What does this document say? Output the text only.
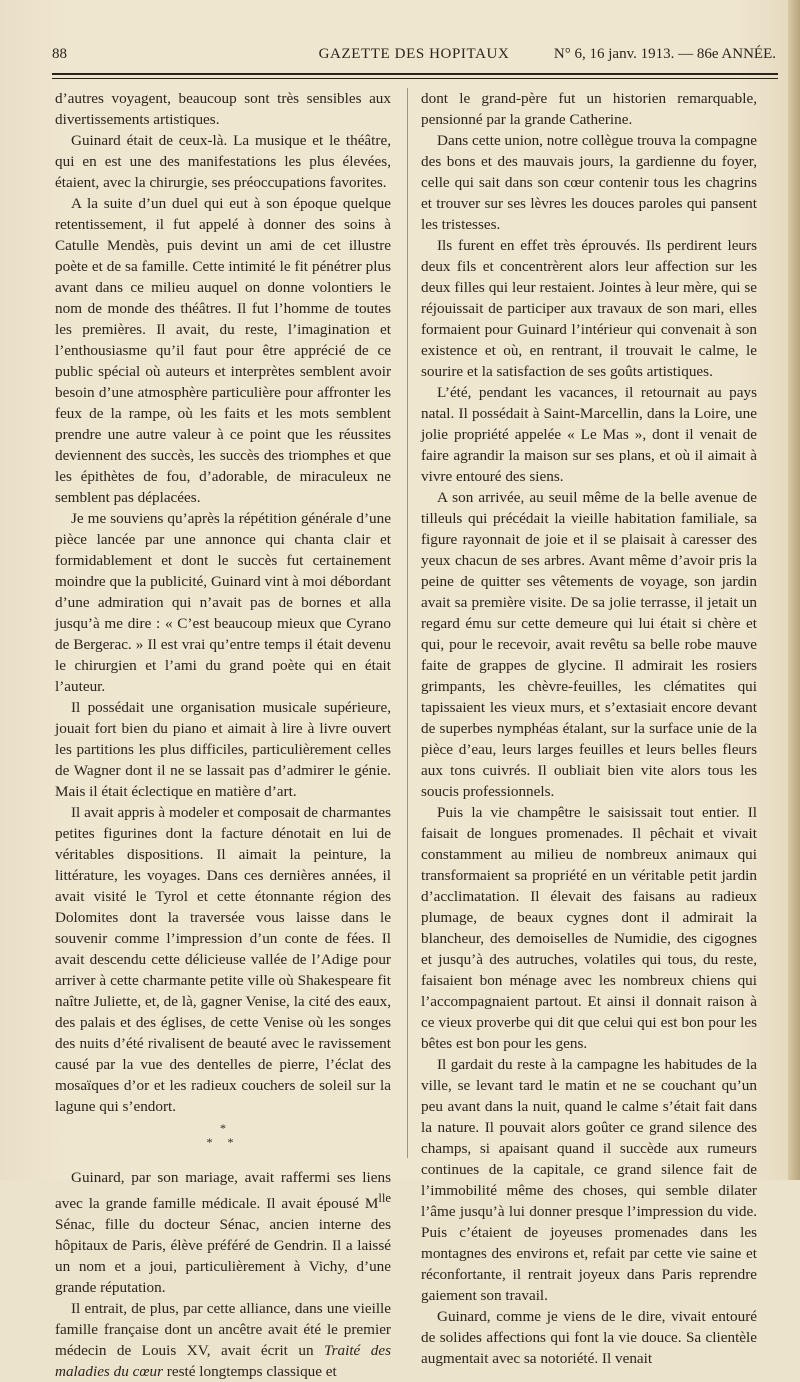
88	GAZETTE DES HOPITAUX	N° 6, 16 janv. 1913. — 86e ANNÉE.

d’autres voyagent, beaucoup sont très sensibles aux divertissements artistiques.

Guinard était de ceux-là. La musique et le théâtre, qui en est une des manifestations les plus élevées, étaient, avec la chirurgie, ses préoccupations favorites.

A la suite d’un duel qui eut à son époque quelque retentissement, il fut appelé à donner des soins à Catulle Mendès, puis devint un ami de cet illustre poète et de sa famille. Cette intimité le fit pénétrer plus avant dans ce milieu auquel on donne volontiers le nom de monde des théâtres. Il fut l’homme de toutes les premières. Il avait, du reste, l’imagination et l’enthousiasme qu’il faut pour être apprécié de ce public spécial où auteurs et interprètes semblent avoir besoin d’une atmosphère particulière pour affronter les feux de la rampe, où les faits et les mots semblent prendre une autre valeur à ce point que les réussites deviennent des succès, les succès des triomphes et que les épithètes de fou, d’adorable, de miraculeux ne semblent pas déplacées.

Je me souviens qu’après la répétition générale d’une pièce lancée par une annonce qui chanta clair et formidablement et dont le succès fut certainement moindre que la publicité, Guinard vint à moi débordant d’une admiration qui n’avait pas de bornes et alla jusqu’à me dire : « C’est beaucoup mieux que Cyrano de Bergerac. » Il est vrai qu’entre temps il était devenu le chirurgien et l’ami du grand poète qui en était l’auteur.

Il possédait une organisation musicale supérieure, jouait fort bien du piano et aimait à lire à livre ouvert les partitions les plus difficiles, particulièrement celles de Wagner dont il ne se lassait pas d’admirer le génie. Mais il était éclectique en matière d’art.

Il avait appris à modeler et composait de charmantes petites figurines dont la facture dénotait en lui de véritables dispositions. Il aimait la peinture, la littérature, les voyages. Dans ces dernières années, il avait visité le Tyrol et cette étonnante région des Dolomites dont la traversée vous laisse dans le souvenir comme l’impression d’un conte de fées. Il avait descendu cette délicieuse vallée de l’Adige pour arriver à cette charmante petite ville où Shakespeare fit naître Juliette, et, de là, gagner Venise, la cité des eaux, des palais et des églises, de cette Venise où les songes des nuits d’été rivalisent de beauté avec le ravissement causé par la vue des dentelles de pierre, l’éclat des mosaïques d’or et les radieux couchers de soleil sur la lagune qui s’endort.

*
* *

Guinard, par son mariage, avait raffermi ses liens avec la grande famille médicale. Il avait épousé $M^{lle}$ Sénac, fille du docteur Sénac, ancien interne des hôpitaux de Paris, élève préféré de Gendrin. Il a laissé un nom et a joui, particulièrement à Vichy, d’une grande réputation.

Il entrait, de plus, par cette alliance, dans une vieille famille française dont un ancêtre avait été le premier médecin de Louis XV, avait écrit un Traité des maladies du cœur resté longtemps classique et

dont le grand-père fut un historien remarquable, pensionné par la grande Catherine.

Dans cette union, notre collègue trouva la compagne des bons et des mauvais jours, la gardienne du foyer, celle qui sait dans son cœur contenir tous les chagrins et trouver sur ses lèvres les douces paroles qui pansent les tristesses.

Ils furent en effet très éprouvés. Ils perdirent leurs deux fils et concentrèrent alors leur affection sur les deux filles qui leur restaient. Jointes à leur mère, qui se réjouissait de participer aux travaux de son mari, elles formaient pour Guinard l’intérieur qui convenait à son existence et où, en rentrant, il trouvait le calme, le sourire et la satisfaction de ses goûts artistiques.

L’été, pendant les vacances, il retournait au pays natal. Il possédait à Saint-Marcellin, dans la Loire, une jolie propriété appelée « Le Mas », dont il venait de faire agrandir la maison sur ses plans, et où il aimait à vivre entouré des siens.

A son arrivée, au seuil même de la belle avenue de tilleuls qui précédait la vieille habitation familiale, sa figure rayonnait de joie et il se plaisait à caresser des yeux chacun de ses arbres. Avant même d’avoir pris la peine de quitter ses vêtements de voyage, son jardin avait sa première visite. De sa jolie terrasse, il jetait un regard ému sur cette demeure qui lui était si chère et qui, pour le recevoir, avait revêtu sa belle robe mauve faite de grappes de glycine. Il admirait les rosiers grimpants, les chèvre-feuilles, les clématites qui tapissaient les vieux murs, et s’extasiait encore devant de superbes nymphéas étalant, sur la surface unie de la pièce d’eau, leurs larges feuilles et leurs belles fleurs aux tons cuivrés. Il oubliait bien vite alors tous les soucis professionnels.

Puis la vie champêtre le saisissait tout entier. Il faisait de longues promenades. Il pêchait et vivait constamment au milieu de nombreux animaux qui transformaient sa propriété en un véritable petit jardin d’acclimatation. Il élevait des faisans au radieux plumage, de beaux cygnes dont il admirait la blancheur, des demoiselles de Numidie, des cigognes et jusqu’à des autruches, volatiles qui tous, du reste, faisaient bon ménage avec les nombreux chiens qui l’accompagnaient partout. Et ainsi il donnait raison à ce vieux proverbe qui dit que celui qui est bon pour les bêtes est bon pour les gens.

Il gardait du reste à la campagne les habitudes de la ville, se levant tard le matin et ne se couchant qu’un peu avant dans la nuit, quand le calme s’était fait dans la nature. Il pouvait alors goûter ce grand silence des champs, si apaisant quand il succède aux rumeurs continues de la capitale, ce grand silence fait de l’immobilité même des choses, qui semble dilater l’âme jusqu’à lui donner presque l’impression du vide. Puis c’étaient de joyeuses promenades dans les montagnes des environs et, refait par cette vie saine et réconfortante, il rentrait joyeux dans Paris reprendre gaiement son travail.

Guinard, comme je viens de le dire, vivait entouré de solides affections qui font la vie douce. Sa clientèle augmentait avec sa notoriété. Il venait
